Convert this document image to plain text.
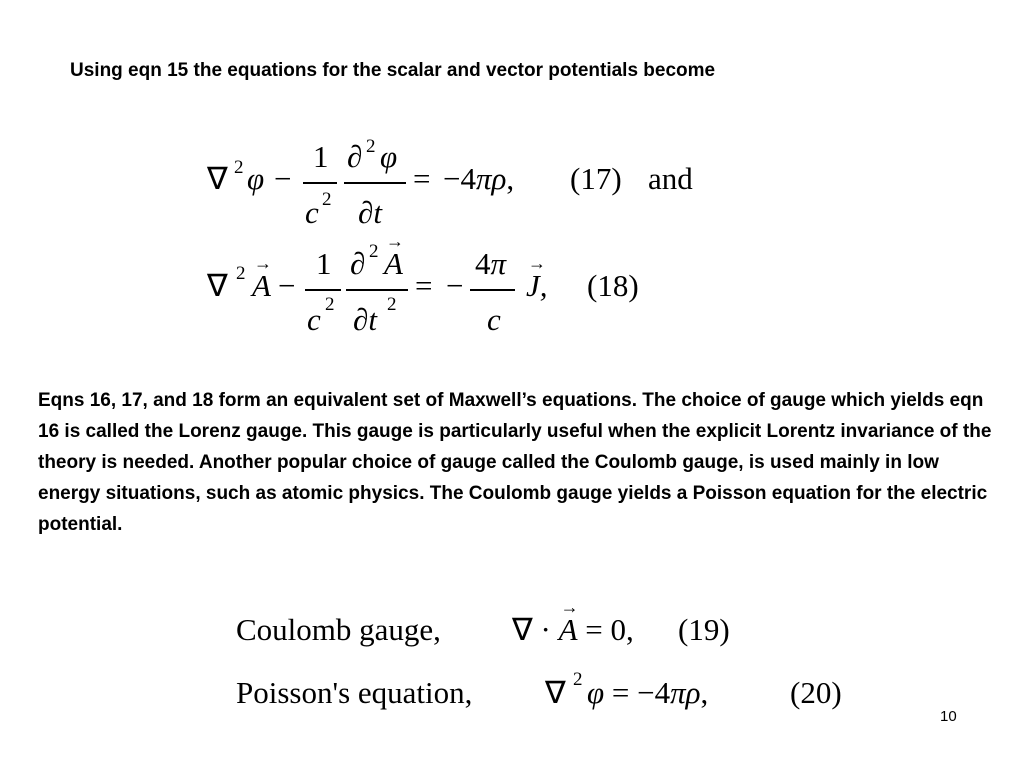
Using eqn 15 the equations for the scalar and vector potentials become
∇ 2 φ −
1
c 2
∂ 2 φ
∂t
= −4πρ, (17) and
∇ 2 A
→
−
1
c 2
∂ 2 A
→
∂t 2
= −
4π
c
J
→
, (18)
Eqns 16, 17, and 18 form an equivalent set of Maxwell’s equations. The choice of gauge which yields eqn 16 is called the Lorenz gauge. This gauge is particularly useful when the explicit Lorentz invariance of the theory is needed. Another popular choice of gauge called the Coulomb gauge, is used mainly in low energy situations, such as atomic physics. The Coulomb gauge yields a Poisson equation for the electric potential.
Coulomb gauge, ∇ · A
→
= 0, (19)
Poisson's equation, ∇ 2 φ = −4πρ,	(20)
10
